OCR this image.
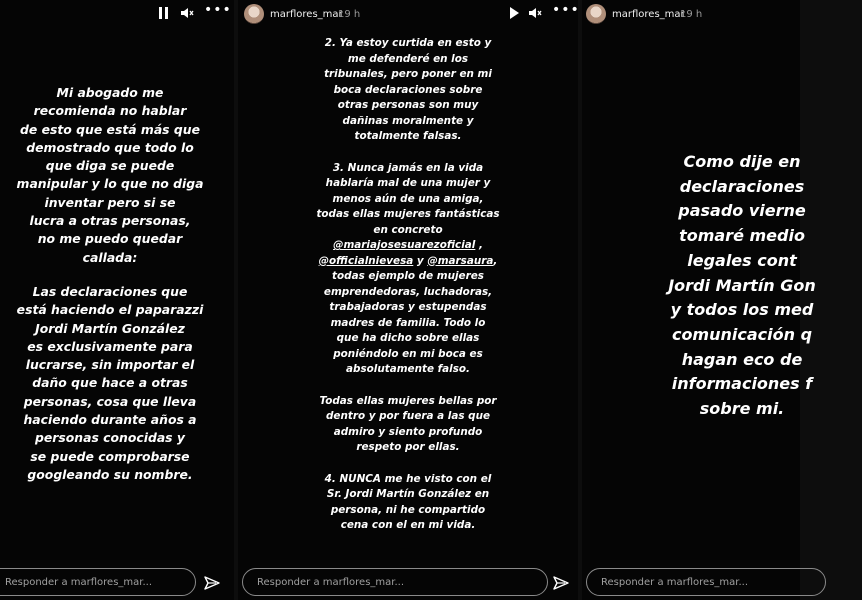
•••

Mi abogado me

recomienda no hablar

de esto que está más que

demostrado que todo lo

que diga se puede

manipular y lo que no diga

inventar pero si se

lucra a otras personas,

no me puedo quedar

callada:

Las declaraciones que

está haciendo el paparazzi

Jordi Martín González

es exclusivamente para

lucrarse, sin importar el

daño que hace a otras

personas, cosa que lleva

haciendo durante años a

personas conocidas y

se puede comprobarse

googleando su nombre.

Responder a marflores_mar...
marflores_mar
19 h	•••

2. Ya estoy curtida en esto y

me defenderé en los

tribunales, pero poner en mi

boca declaraciones sobre

otras personas son muy

dañinas moralmente y

totalmente falsas.

3. Nunca jamás en la vida

hablaría mal de una mujer y

menos aún de una amiga,

todas ellas mujeres fantásticas

en concreto

@mariajosesuarezoficial ,

@officialnievesa y @marsaura,

todas ejemplo de mujeres

emprendedoras, luchadoras,

trabajadoras y estupendas

madres de familia. Todo lo

que ha dicho sobre ellas

poniéndolo en mi boca es

absolutamente falso.

Todas ellas mujeres bellas por

dentro y por fuera a las que

admiro y siento profundo

respeto por ellas.

4. NUNCA me he visto con el

Sr. Jordi Martín González en

persona, ni he compartido

cena con el en mi vida.

Responder a marflores_mar...
marflores_mar
19 h

Como dije en

declaraciones

pasado vierne

tomaré medio

legales cont

Jordi Martín Gon

y todos los med

comunicación q

hagan eco de

informaciones f

sobre mi.

Responder a marflores_mar...
